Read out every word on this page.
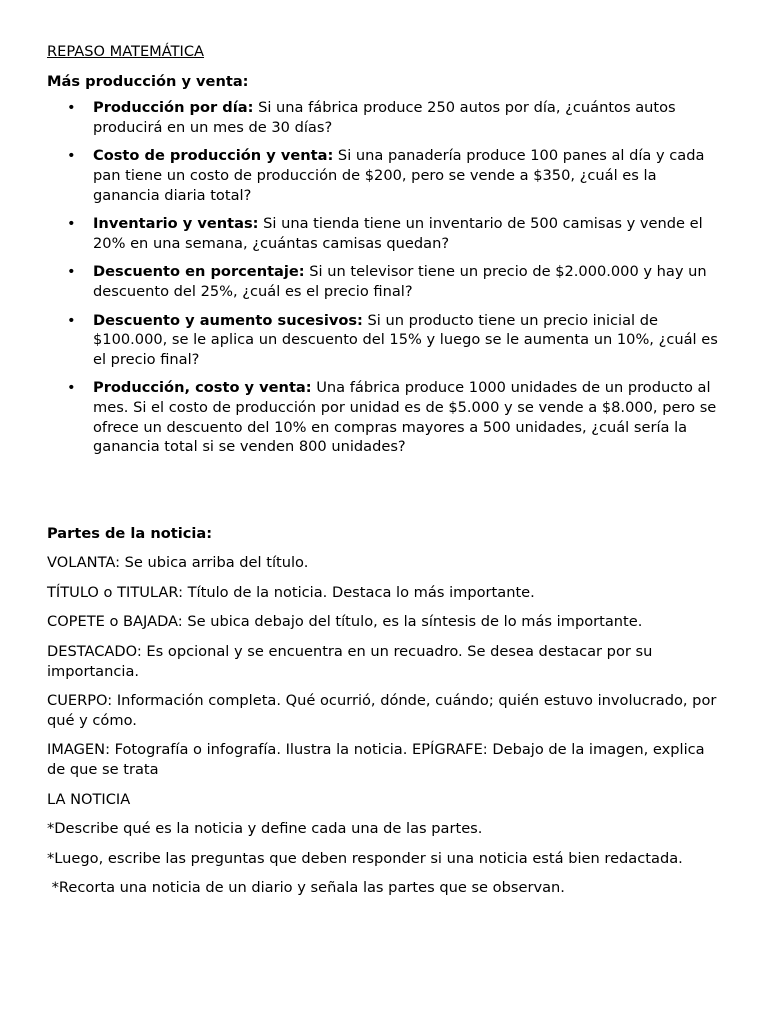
REPASO MATEMÁTICA

Más producción y venta:

• Producción por día: Si una fábrica produce 250 autos por día, ¿cuántos autos producirá en un mes de 30 días?
• Costo de producción y venta: Si una panadería produce 100 panes al día y cada pan tiene un costo de producción de $200, pero se vende a $350, ¿cuál es la ganancia diaria total?
• Inventario y ventas: Si una tienda tiene un inventario de 500 camisas y vende el 20% en una semana, ¿cuántas camisas quedan?
• Descuento en porcentaje: Si un televisor tiene un precio de $2.000.000 y hay un descuento del 25%, ¿cuál es el precio final?
• Descuento y aumento sucesivos: Si un producto tiene un precio inicial de $100.000, se le aplica un descuento del 15% y luego se le aumenta un 10%, ¿cuál es el precio final?
• Producción, costo y venta: Una fábrica produce 1000 unidades de un producto al mes. Si el costo de producción por unidad es de $5.000 y se vende a $8.000, pero se ofrece un descuento del 10% en compras mayores a 500 unidades, ¿cuál sería la ganancia total si se venden 800 unidades?

Partes de la noticia:

VOLANTA: Se ubica arriba del título.

TÍTULO o TITULAR: Título de la noticia. Destaca lo más importante.

COPETE o BAJADA: Se ubica debajo del título, es la síntesis de lo más importante.

DESTACADO: Es opcional y se encuentra en un recuadro. Se desea destacar por su importancia.

CUERPO: Información completa. Qué ocurrió, dónde, cuándo; quién estuvo involucrado, por qué y cómo.

IMAGEN: Fotografía o infografía. Ilustra la noticia. EPÍGRAFE: Debajo de la imagen, explica de que se trata

LA NOTICIA

*Describe qué es la noticia y define cada una de las partes.

*Luego, escribe las preguntas que deben responder si una noticia está bien redactada.

*Recorta una noticia de un diario y señala las partes que se observan.
